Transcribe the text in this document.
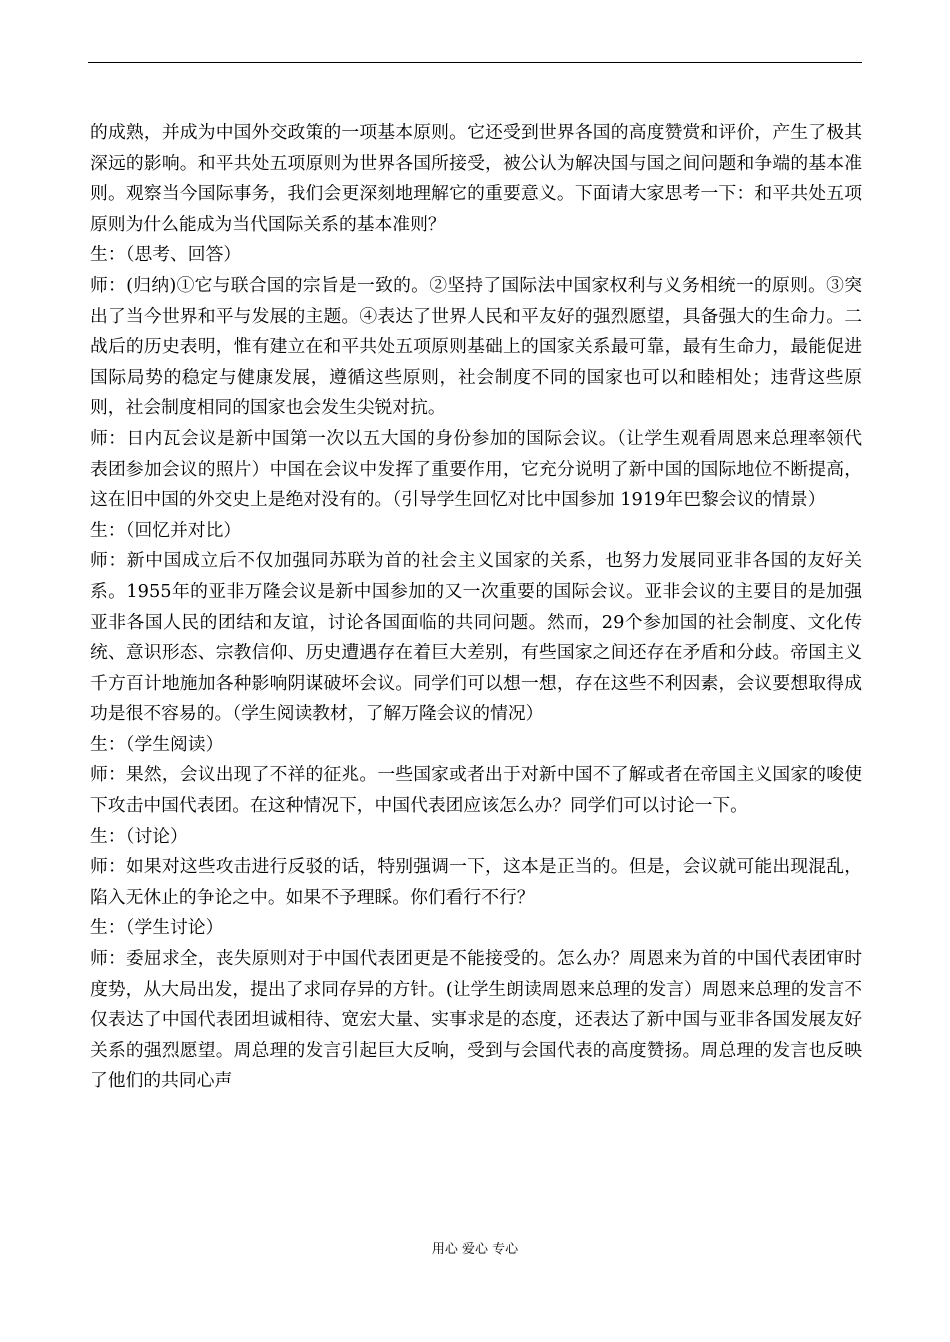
的成熟，并成为中国外交政策的一项基本原则。它还受到世界各国的高度赞赏和评价，产生了极其深远的影响。和平共处五项原则为世界各国所接受，被公认为解决国与国之间问题和争端的基本准则。观察当今国际事务，我们会更深刻地理解它的重要意义。下面请大家思考一下：和平共处五项原则为什么能成为当代国际关系的基本准则？

生：（思考、回答）

师：(归纳)①它与联合国的宗旨是一致的。②坚持了国际法中国家权利与义务相统一的原则。③突出了当今世界和平与发展的主题。④表达了世界人民和平友好的强烈愿望，具备强大的生命力。二战后的历史表明，惟有建立在和平共处五项原则基础上的国家关系最可靠，最有生命力，最能促进国际局势的稳定与健康发展，遵循这些原则，社会制度不同的国家也可以和睦相处；违背这些原则，社会制度相同的国家也会发生尖锐对抗。

师：日内瓦会议是新中国第一次以五大国的身份参加的国际会议。（让学生观看周恩来总理率领代表团参加会议的照片）中国在会议中发挥了重要作用，它充分说明了新中国的国际地位不断提高，这在旧中国的外交史上是绝对没有的。（引导学生回忆对比中国参加 1919年巴黎会议的情景）

生：（回忆并对比）

师：新中国成立后不仅加强同苏联为首的社会主义国家的关系，也努力发展同亚非各国的友好关系。1955年的亚非万隆会议是新中国参加的又一次重要的国际会议。亚非会议的主要目的是加强亚非各国人民的团结和友谊，讨论各国面临的共同问题。然而，29个参加国的社会制度、文化传统、意识形态、宗教信仰、历史遭遇存在着巨大差别，有些国家之间还存在矛盾和分歧。帝国主义千方百计地施加各种影响阴谋破坏会议。同学们可以想一想，存在这些不利因素，会议要想取得成功是很不容易的。（学生阅读教材，了解万隆会议的情况）

生：（学生阅读）

师：果然，会议出现了不祥的征兆。一些国家或者出于对新中国不了解或者在帝国主义国家的唆使下攻击中国代表团。在这种情况下，中国代表团应该怎么办？同学们可以讨论一下。

生：（讨论）

师：如果对这些攻击进行反驳的话，特别强调一下，这本是正当的。但是，会议就可能出现混乱，陷入无休止的争论之中。如果不予理睬。你们看行不行？

生：（学生讨论）

师：委屈求全，丧失原则对于中国代表团更是不能接受的。怎么办？周恩来为首的中国代表团审时度势，从大局出发，提出了求同存异的方针。(让学生朗读周恩来总理的发言）周恩来总理的发言不仅表达了中国代表团坦诚相待、宽宏大量、实事求是的态度，还表达了新中国与亚非各国发展友好关系的强烈愿望。周总理的发言引起巨大反响，受到与会国代表的高度赞扬。周总理的发言也反映了他们的共同心声

用心 爱心 专心
